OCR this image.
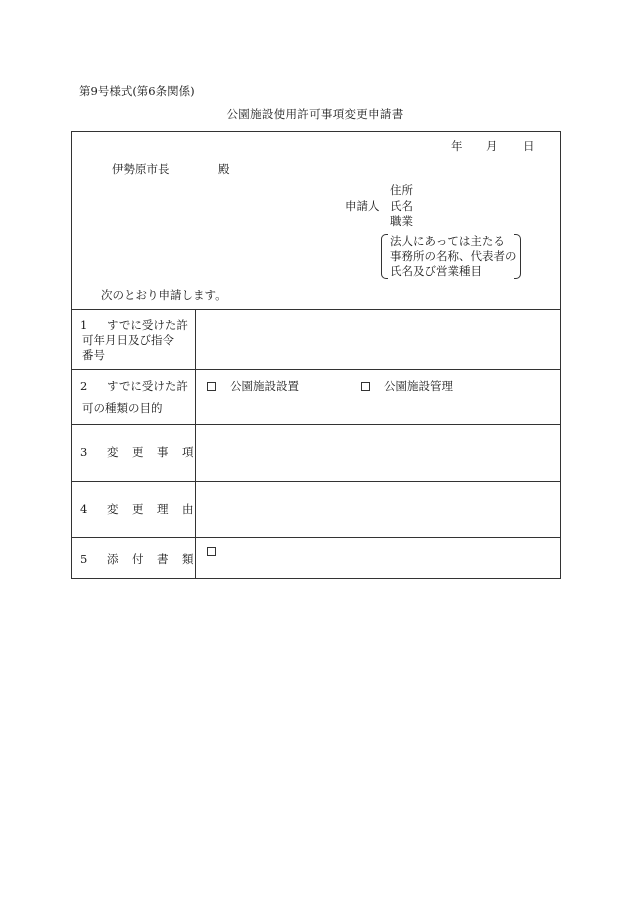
第9号様式(第6条関係)
公園施設使用許可事項変更申請書
年 月 日
伊勢原市長	殿
申請人
住所
氏名
職業
法人にあっては主たる
事務所の名称、代表者の
氏名及び営業種目
次のとおり申請します。
1 すでに受けた許
可年月日及び指令
番号
2 すでに受けた許
可の種類の目的
公園施設設置	公園施設管理
3 変　更　事　項
4 変　更　理　由
5 添　付　書　類
